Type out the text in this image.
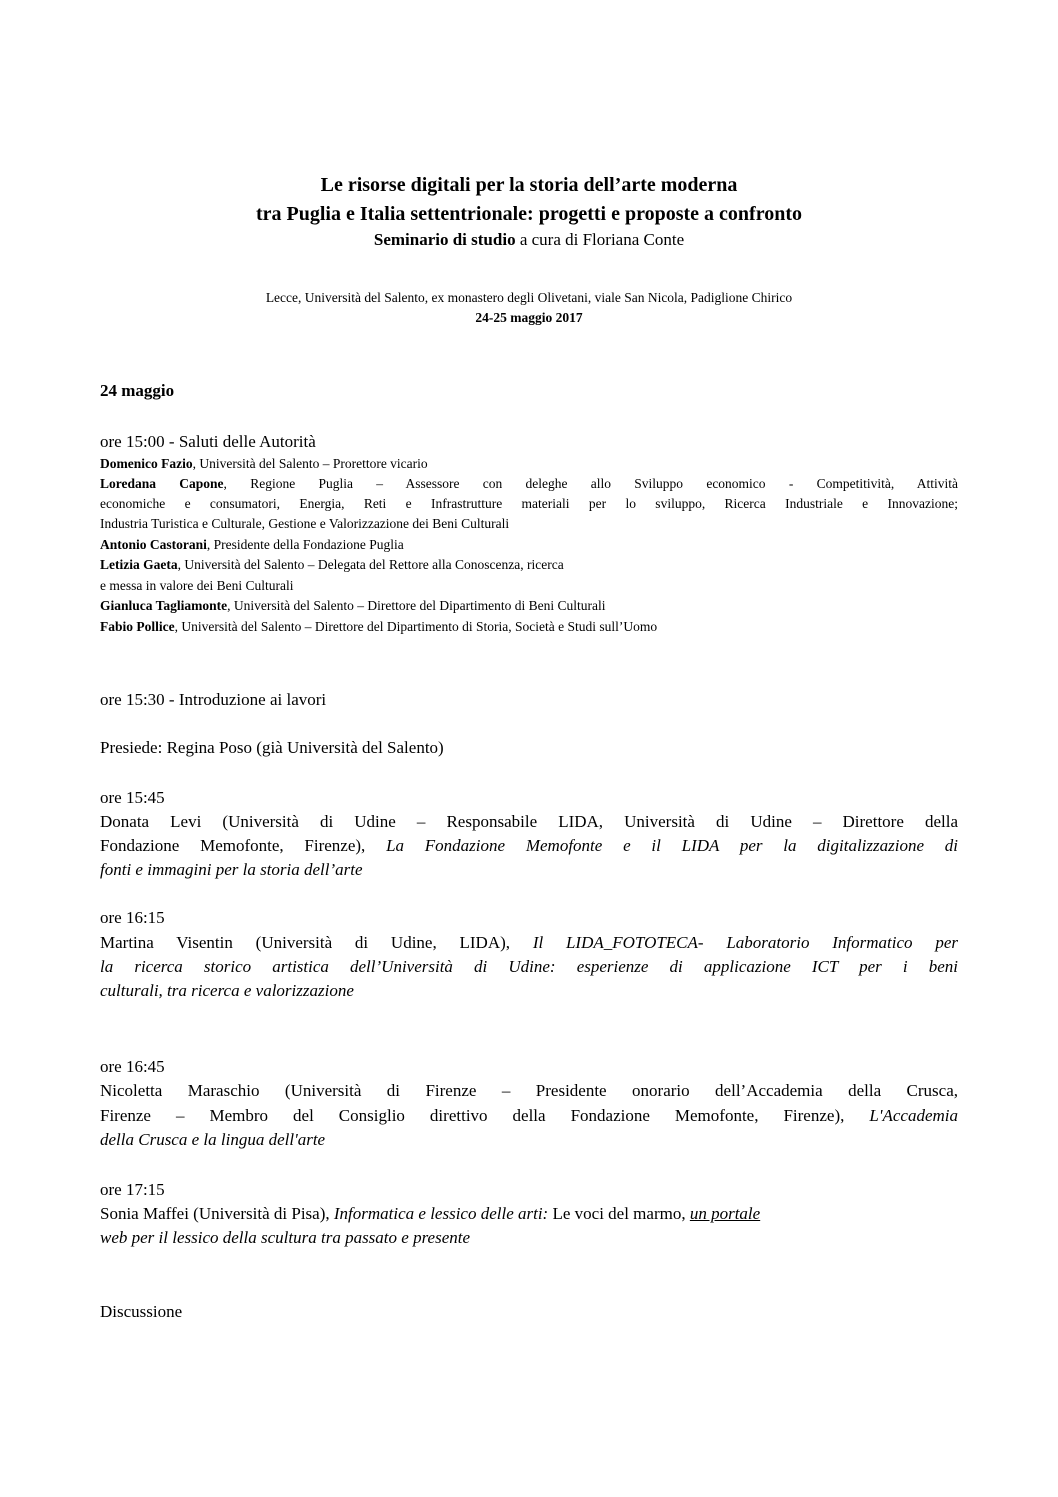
Le risorse digitali per la storia dell’arte moderna
tra Puglia e Italia settentrionale: progetti e proposte a confronto
Seminario di studio a cura di Floriana Conte
Lecce, Università del Salento, ex monastero degli Olivetani, viale San Nicola, Padiglione Chirico
24-25 maggio 2017
24 maggio
ore 15:00 - Saluti delle Autorità
Domenico Fazio, Università del Salento – Prorettore vicario
Loredana Capone, Regione Puglia – Assessore con deleghe allo Sviluppo economico - Competitività, Attività
economiche e consumatori, Energia, Reti e Infrastrutture materiali per lo sviluppo, Ricerca Industriale e Innovazione;
Industria Turistica e Culturale, Gestione e Valorizzazione dei Beni Culturali
Antonio Castorani, Presidente della Fondazione Puglia
Letizia Gaeta, Università del Salento – Delegata del Rettore alla Conoscenza, ricerca
e messa in valore dei Beni Culturali
Gianluca Tagliamonte, Università del Salento – Direttore del Dipartimento di Beni Culturali
Fabio Pollice, Università del Salento – Direttore del Dipartimento di Storia, Società e Studi sull’Uomo
ore 15:30 - Introduzione ai lavori
Presiede: Regina Poso (già Università del Salento)
ore 15:45
Donata Levi (Università di Udine – Responsabile LIDA, Università di Udine – Direttore della
Fondazione Memofonte, Firenze), La Fondazione Memofonte e il LIDA per la digitalizzazione di
fonti e immagini per la storia dell’arte
ore 16:15
Martina Visentin (Università di Udine, LIDA), Il LIDA_FOTOTECA- Laboratorio Informatico per
la ricerca storico artistica dell’Università di Udine: esperienze di applicazione ICT per i beni
culturali, tra ricerca e valorizzazione
ore 16:45
Nicoletta Maraschio (Università di Firenze – Presidente onorario dell’Accademia della Crusca,
Firenze – Membro del Consiglio direttivo della Fondazione Memofonte, Firenze), L'Accademia
della Crusca e la lingua dell'arte
ore 17:15
Sonia Maffei (Università di Pisa), Informatica e lessico delle arti: Le voci del marmo, un portale
web per il lessico della scultura tra passato e presente
Discussione
